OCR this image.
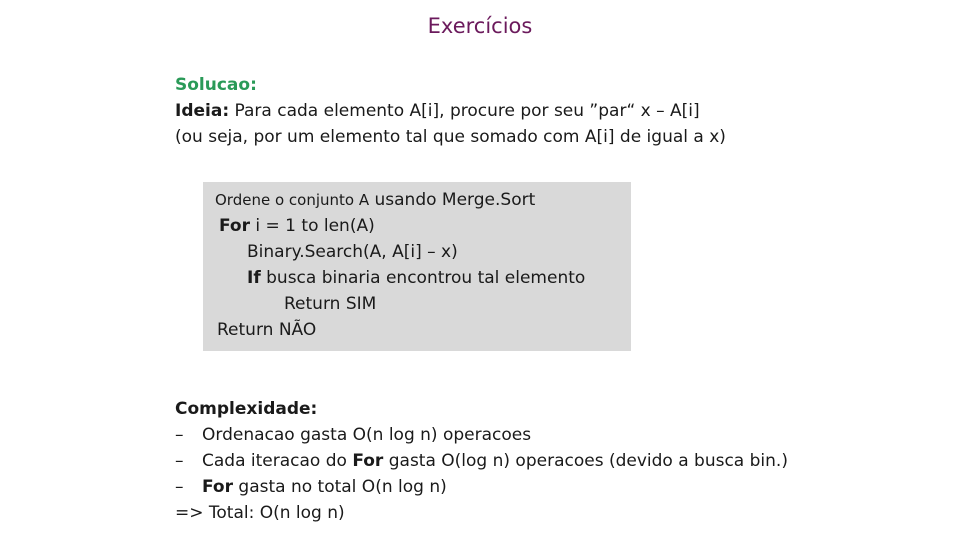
Exercícios
Solucao:
Ideia: Para cada elemento A[i], procure por seu ”par“ x – A[i]
(ou seja, por um elemento tal que somado com A[i] de igual a x)
Ordene o conjunto A usando Merge.Sort
For i = 1 to len(A)
Binary.Search(A, A[i] – x)
If busca binaria encontrou tal elemento
Return SIM
Return NÃO
Complexidade:
– Ordenacao gasta O(n log n) operacoes
– Cada iteracao do For gasta O(log n) operacoes (devido a busca bin.)
– For gasta no total O(n log n)
=> Total: O(n log n)
